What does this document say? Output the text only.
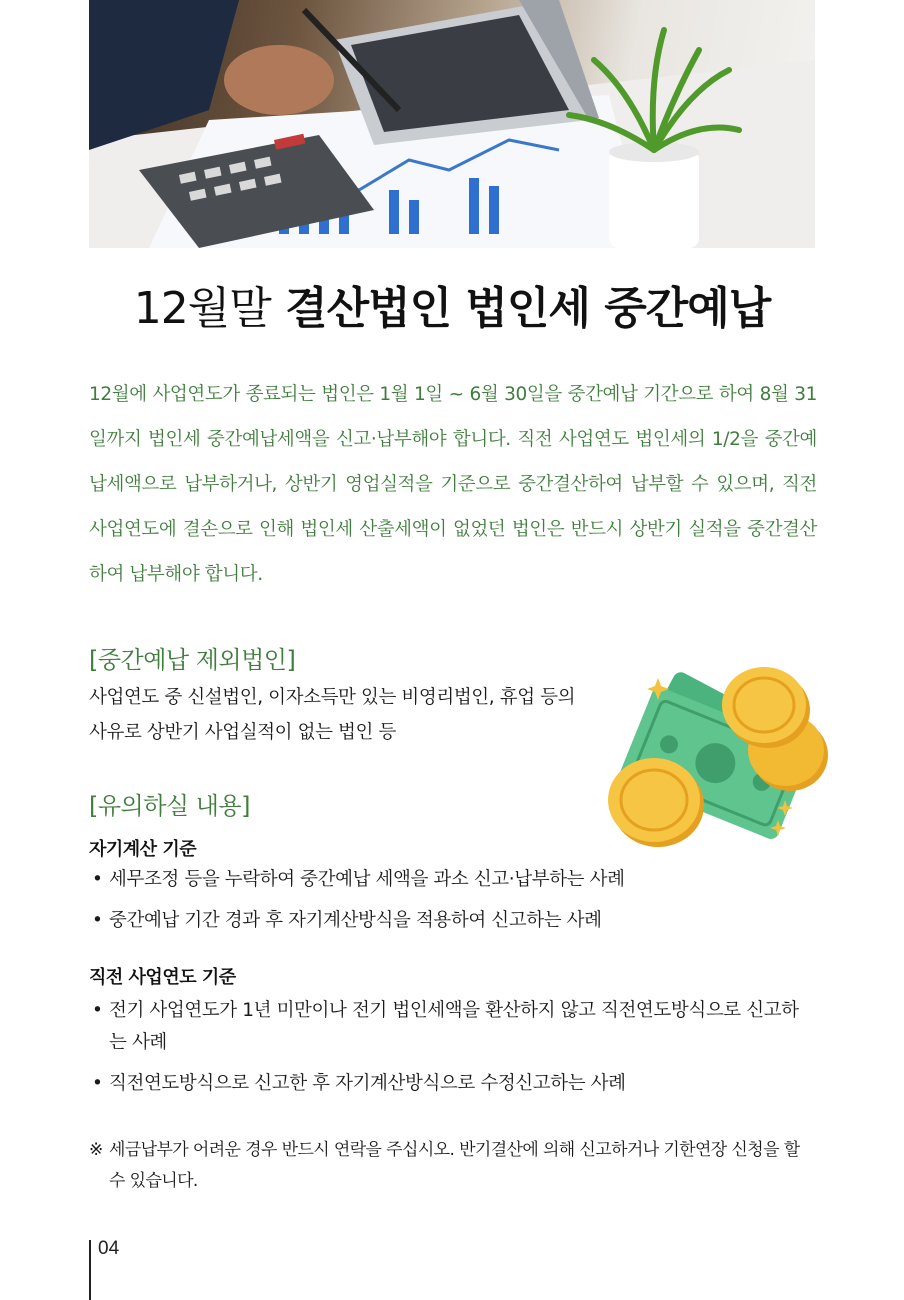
12월말 결산법인 법인세 중간예납
12월에 사업연도가 종료되는 법인은 1월 1일 ~ 6월 30일을 중간예납 기간으로 하여 8월 31일까지 법인세 중간예납세액을 신고·납부해야 합니다. 직전 사업연도 법인세의 1/2을 중간예납세액으로 납부하거나, 상반기 영업실적을 기준으로 중간결산하여 납부할 수 있으며, 직전 사업연도에 결손으로 인해 법인세 산출세액이 없었던 법인은 반드시 상반기 실적을 중간결산하여 납부해야 합니다.
[중간예납 제외법인]
사업연도 중 신설법인, 이자소득만 있는 비영리법인, 휴업 등의
사유로 상반기 사업실적이 없는 법인 등
[유의하실 내용]
자기계산 기준
• 세무조정 등을 누락하여 중간예납 세액을 과소 신고·납부하는 사례
• 중간예납 기간 경과 후 자기계산방식을 적용하여 신고하는 사례
직전 사업연도 기준
• 전기 사업연도가 1년 미만이나 전기 법인세액을 환산하지 않고 직전연도방식으로 신고하는 사례
• 직전연도방식으로 신고한 후 자기계산방식으로 수정신고하는 사례
※ 세금납부가 어려운 경우 반드시 연락을 주십시오. 반기결산에 의해 신고하거나 기한연장 신청을 할 수 있습니다.
04
